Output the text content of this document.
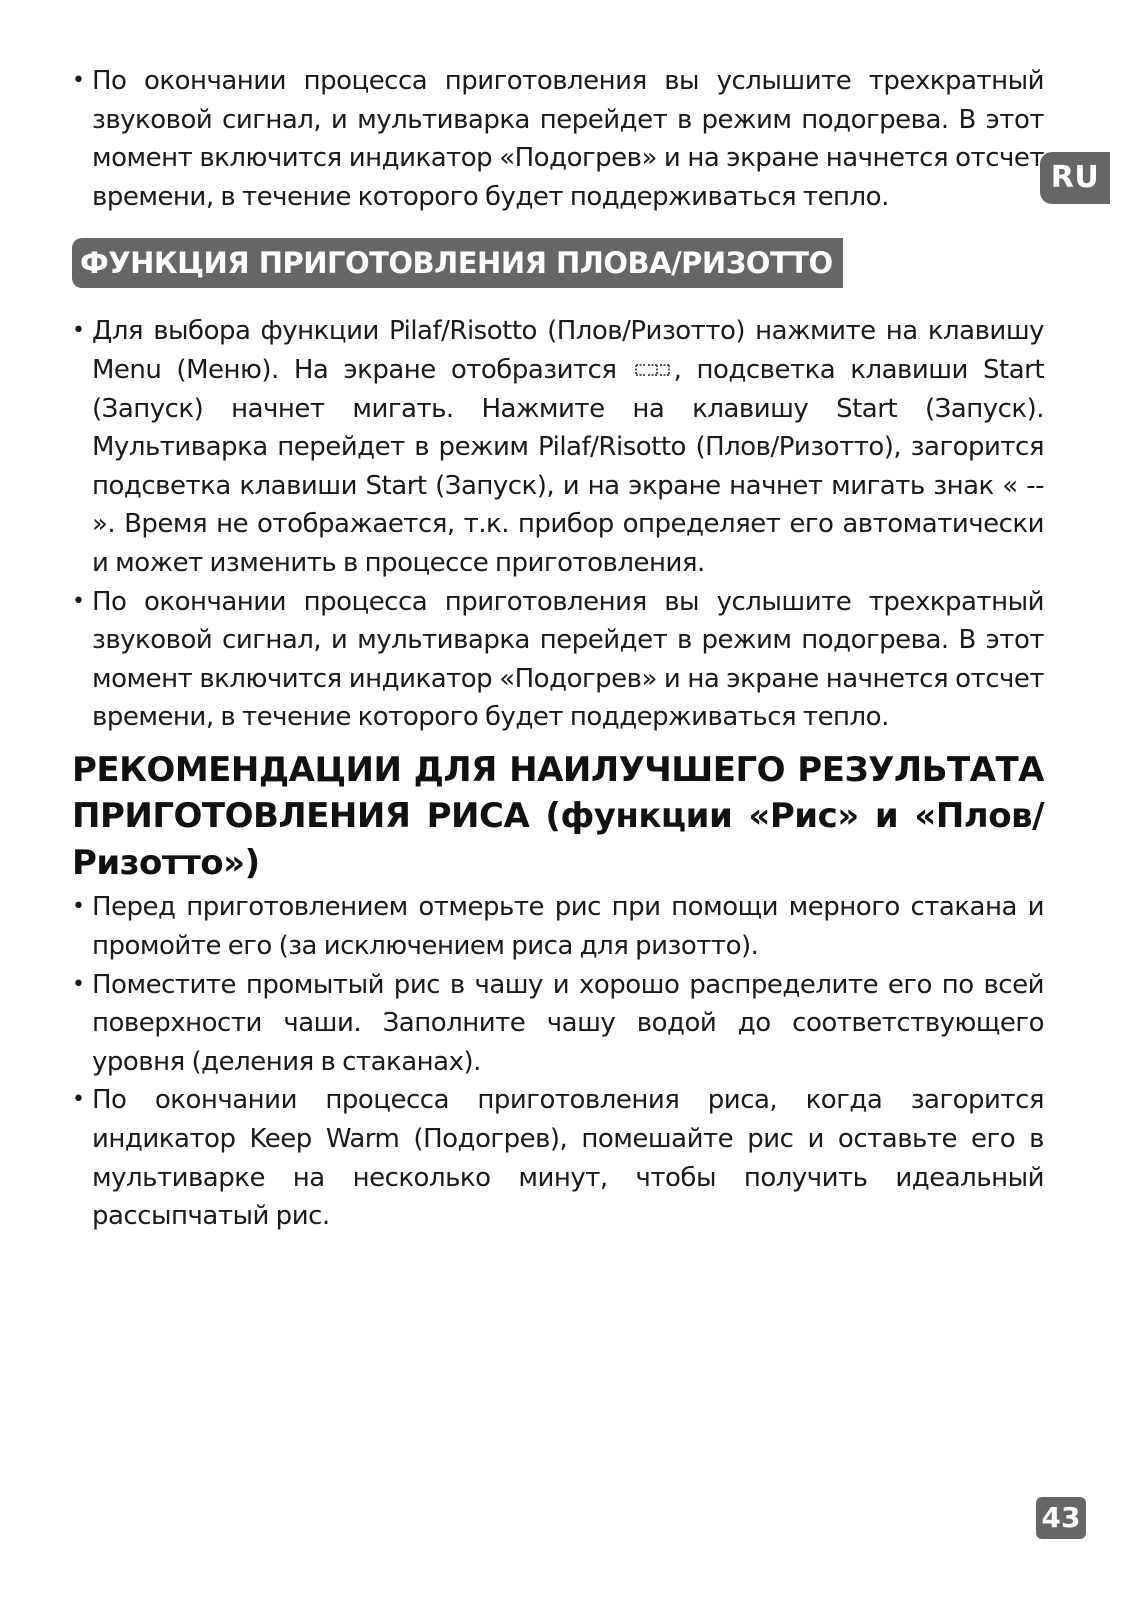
RU
• По окончании процесса приготовления вы услышите трехкратный звуковой сигнал, и мультиварка перейдет в режим подогрева. В этот момент включится индикатор «Подогрев» и на экране начнется отсчет времени, в течение которого будет поддерживаться тепло.
ФУНКЦИЯ ПРИГОТОВЛЕНИЯ ПЛОВА/РИЗОТТО
• Для выбора функции Pilaf/Risotto (Плов/Ризотто) нажмите на клавишу Menu (Меню). На экране отобразится , подсветка клавиши Start (Запуск) начнет мигать. Нажмите на клавишу Start (Запуск). Мультиварка перейдет в режим Pilaf/Risotto (Плов/Ризотто), загорится подсветка клавиши Start (Запуск), и на экране начнет мигать знак « -- ». Время не отображается, т.к. прибор определяет его автоматически и может изменить в процессе приготовления.
• По окончании процесса приготовления вы услышите трехкратный звуковой сигнал, и мультиварка перейдет в режим подогрева. В этот момент включится индикатор «Подогрев» и на экране начнется отсчет времени, в течение которого будет поддерживаться тепло.
РЕКОМЕНДАЦИИ ДЛЯ НАИЛУЧШЕГО РЕЗУЛЬТАТА ПРИГОТОВЛЕНИЯ РИСА (функции «Рис» и «Плов/ Ризотто»)
• Перед приготовлением отмерьте рис при помощи мерного стакана и промойте его (за исключением риса для ризотто).
• Поместите промытый рис в чашу и хорошо распределите его по всей поверхности чаши. Заполните чашу водой до соответствующего уровня (деления в стаканах).
• По окончании процесса приготовления риса, когда загорится индикатор Keep Warm (Подогрев), помешайте рис и оставьте его в мультиварке на несколько минут, чтобы получить идеальный рассыпчатый рис.
43
